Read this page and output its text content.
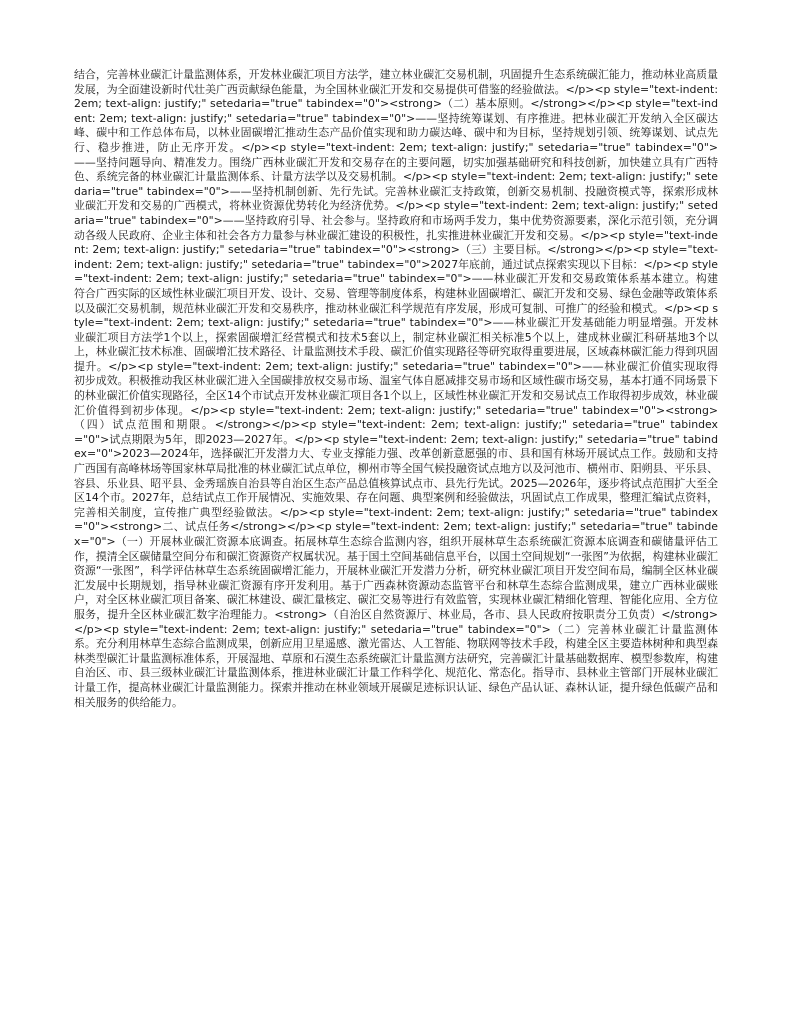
结合，完善林业碳汇计量监测体系，开发林业碳汇项目方法学，建立林业碳汇交易机制，巩固提升生态系统碳汇能力，推动林业高质量发展，为全面建设新时代壮美广西贡献绿色能量，为全国林业碳汇开发和交易提供可借鉴的经验做法。</p><p style="text-indent: 2em; text-align: justify;" setedaria="true" tabindex="0"><strong>（二）基本原则。</strong></p><p style="text-indent: 2em; text-align: justify;" setedaria="true" tabindex="0">——坚持统筹谋划、有序推进。把林业碳汇开发纳入全区碳达峰、碳中和工作总体布局，以林业固碳增汇推动生态产品价值实现和助力碳达峰、碳中和为目标，坚持规划引领、统筹谋划、试点先行、稳步推进，防止无序开发。</p><p style="text-indent: 2em; text-align: justify;" setedaria="true" tabindex="0">——坚持问题导向、精准发力。围绕广西林业碳汇开发和交易存在的主要问题，切实加强基础研究和科技创新，加快建立具有广西特色、系统完备的林业碳汇计量监测体系、计量方法学以及交易机制。</p><p style="text-indent: 2em; text-align: justify;" setedaria="true" tabindex="0">——坚持机制创新、先行先试。完善林业碳汇支持政策，创新交易机制、投融资模式等，探索形成林业碳汇开发和交易的广西模式，将林业资源优势转化为经济优势。</p><p style="text-indent: 2em; text-align: justify;" setedaria="true" tabindex="0">——坚持政府引导、社会参与。坚持政府和市场两手发力，集中优势资源要素，深化示范引领，充分调动各级人民政府、企业主体和社会各方力量参与林业碳汇建设的积极性，扎实推进林业碳汇开发和交易。</p><p style="text-indent: 2em; text-align: justify;" setedaria="true" tabindex="0"><strong>（三）主要目标。</strong></p><p style="text-indent: 2em; text-align: justify;" setedaria="true" tabindex="0">2027年底前，通过试点探索实现以下目标：</p><p style="text-indent: 2em; text-align: justify;" setedaria="true" tabindex="0">——林业碳汇开发和交易政策体系基本建立。构建符合广西实际的区域性林业碳汇项目开发、设计、交易、管理等制度体系，构建林业固碳增汇、碳汇开发和交易、绿色金融等政策体系以及碳汇交易机制，规范林业碳汇开发和交易秩序，推动林业碳汇科学规范有序发展，形成可复制、可推广的经验和模式。</p><p style="text-indent: 2em; text-align: justify;" setedaria="true" tabindex="0">——林业碳汇开发基础能力明显增强。开发林业碳汇项目方法学1个以上，探索固碳增汇经营模式和技术5套以上，制定林业碳汇相关标准5个以上，建成林业碳汇科研基地3个以上，林业碳汇技术标准、固碳增汇技术路径、计量监测技术手段、碳汇价值实现路径等研究取得重要进展，区域森林碳汇能力得到巩固提升。</p><p style="text-indent: 2em; text-align: justify;" setedaria="true" tabindex="0">——林业碳汇价值实现取得初步成效。积极推动我区林业碳汇进入全国碳排放权交易市场、温室气体自愿减排交易市场和区域性碳市场交易，基本打通不同场景下的林业碳汇价值实现路径，全区14个市试点开发林业碳汇项目各1个以上，区域性林业碳汇开发和交易试点工作取得初步成效，林业碳汇价值得到初步体现。</p><p style="text-indent: 2em; text-align: justify;" setedaria="true" tabindex="0"><strong>（四）试点范围和期限。</strong></p><p style="text-indent: 2em; text-align: justify;" setedaria="true" tabindex="0">试点期限为5年，即2023—2027年。</p><p style="text-indent: 2em; text-align: justify;" setedaria="true" tabindex="0">2023—2024年，选择碳汇开发潜力大、专业支撑能力强、改革创新意愿强的市、县和国有林场开展试点工作。鼓励和支持广西国有高峰林场等国家林草局批准的林业碳汇试点单位，柳州市等全国气候投融资试点地方以及河池市、横州市、阳朔县、平乐县、容县、乐业县、昭平县、金秀瑶族自治县等自治区生态产品总值核算试点市、县先行先试。2025—2026年，逐步将试点范围扩大至全区14个市。2027年，总结试点工作开展情况、实施效果、存在问题、典型案例和经验做法，巩固试点工作成果，整理汇编试点资料，完善相关制度，宣传推广典型经验做法。</p><p style="text-indent: 2em; text-align: justify;" setedaria="true" tabindex="0"><strong>二、试点任务</strong></p><p style="text-indent: 2em; text-align: justify;" setedaria="true" tabindex="0">（一）开展林业碳汇资源本底调查。拓展林草生态综合监测内容，组织开展林草生态系统碳汇资源本底调查和碳储量评估工作，摸清全区碳储量空间分布和碳汇资源资产权属状况。基于国土空间基础信息平台，以国土空间规划“一张图”为依据，构建林业碳汇资源“一张图”，科学评估林草生态系统固碳增汇能力，开展林业碳汇开发潜力分析，研究林业碳汇项目开发空间布局，编制全区林业碳汇发展中长期规划，指导林业碳汇资源有序开发利用。基于广西森林资源动态监管平台和林草生态综合监测成果，建立广西林业碳账户，对全区林业碳汇项目备案、碳汇林建设、碳汇量核定、碳汇交易等进行有效监管，实现林业碳汇精细化管理、智能化应用、全方位服务，提升全区林业碳汇数字治理能力。<strong>（自治区自然资源厅、林业局，各市、县人民政府按职责分工负责）</strong></p><p style="text-indent: 2em; text-align: justify;" setedaria="true" tabindex="0">（二）完善林业碳汇计量监测体系。充分利用林草生态综合监测成果，创新应用卫星遥感、激光雷达、人工智能、物联网等技术手段，构建全区主要造林树种和典型森林类型碳汇计量监测标准体系，开展湿地、草原和石漠生态系统碳汇计量监测方法研究，完善碳汇计量基础数据库、模型参数库，构建自治区、市、县三级林业碳汇计量监测体系，推进林业碳汇计量工作科学化、规范化、常态化。指导市、县林业主管部门开展林业碳汇计量工作，提高林业碳汇计量监测能力。探索并推动在林业领域开展碳足迹标识认证、绿色产品认证、森林认证，提升绿色低碳产品和相关服务的供给能力。
